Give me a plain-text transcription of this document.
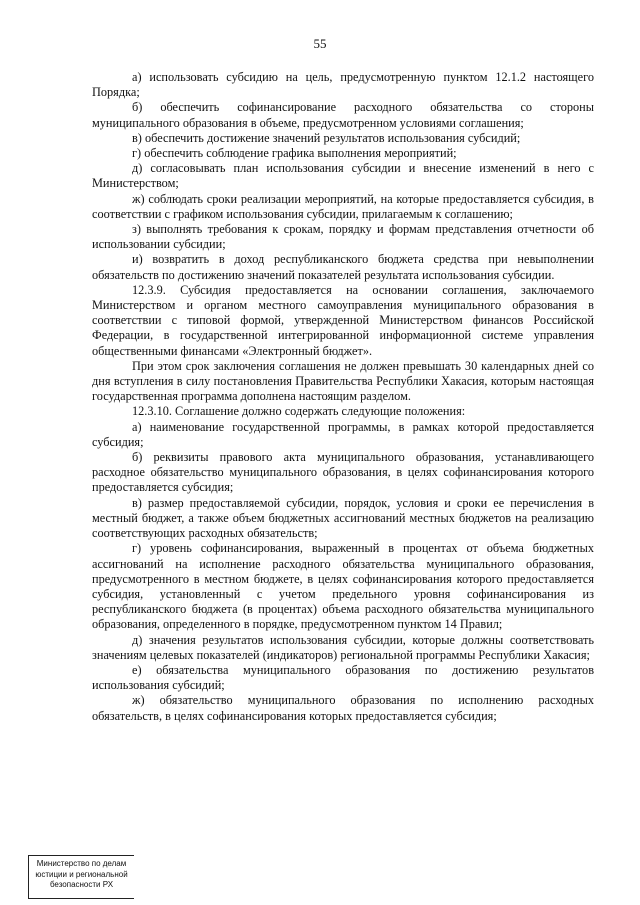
55

а) использовать субсидию на цель, предусмотренную пунктом 12.1.2 настоящего Порядка;

б) обеспечить софинансирование расходного обязательства со стороны муниципального образования в объеме, предусмотренном условиями соглашения;

в) обеспечить достижение значений результатов использования субсидий;

г) обеспечить соблюдение графика выполнения мероприятий;

д) согласовывать план использования субсидии и внесение изменений в него с Министерством;

ж) соблюдать сроки реализации мероприятий, на которые предоставляется субсидия, в соответствии с графиком использования субсидии, прилагаемым к соглашению;

з) выполнять требования к срокам, порядку и формам представления отчетности об использовании субсидии;

и) возвратить в доход республиканского бюджета средства при невыполнении обязательств по достижению значений показателей результата использования субсидии.

12.3.9. Субсидия предоставляется на основании соглашения, заключаемого Министерством и органом местного самоуправления муниципального образования в соответствии с типовой формой, утвержденной Министерством финансов Российской Федерации, в государственной интегрированной информационной системе управления общественными финансами «Электронный бюджет».

При этом срок заключения соглашения не должен превышать 30 календарных дней со дня вступления в силу постановления Правительства Республики Хакасия, которым настоящая государственная программа дополнена настоящим разделом.

12.3.10. Соглашение должно содержать следующие положения:

а) наименование государственной программы, в рамках которой предоставляется субсидия;

б) реквизиты правового акта муниципального образования, устанавливающего расходное обязательство муниципального образования, в целях софинансирования которого предоставляется субсидия;

в) размер предоставляемой субсидии, порядок, условия и сроки ее перечисления в местный бюджет, а также объем бюджетных ассигнований местных бюджетов на реализацию соответствующих расходных обязательств;

г) уровень софинансирования, выраженный в процентах от объема бюджетных ассигнований на исполнение расходного обязательства муниципального образования, предусмотренного в местном бюджете, в целях софинансирования которого предоставляется субсидия, установленный с учетом предельного уровня софинансирования из республиканского бюджета (в процентах) объема расходного обязательства муниципального образования, определенного в порядке, предусмотренном пунктом 14 Правил;

д) значения результатов использования субсидии, которые должны соответствовать значениям целевых показателей (индикаторов) региональной программы Республики Хакасия;

е) обязательства муниципального образования по достижению результатов использования субсидий;

ж) обязательство муниципального образования по исполнению расходных обязательств, в целях софинансирования которых предоставляется субсидия;

Министерство по делам
юстиции и региональной
безопасности РХ
